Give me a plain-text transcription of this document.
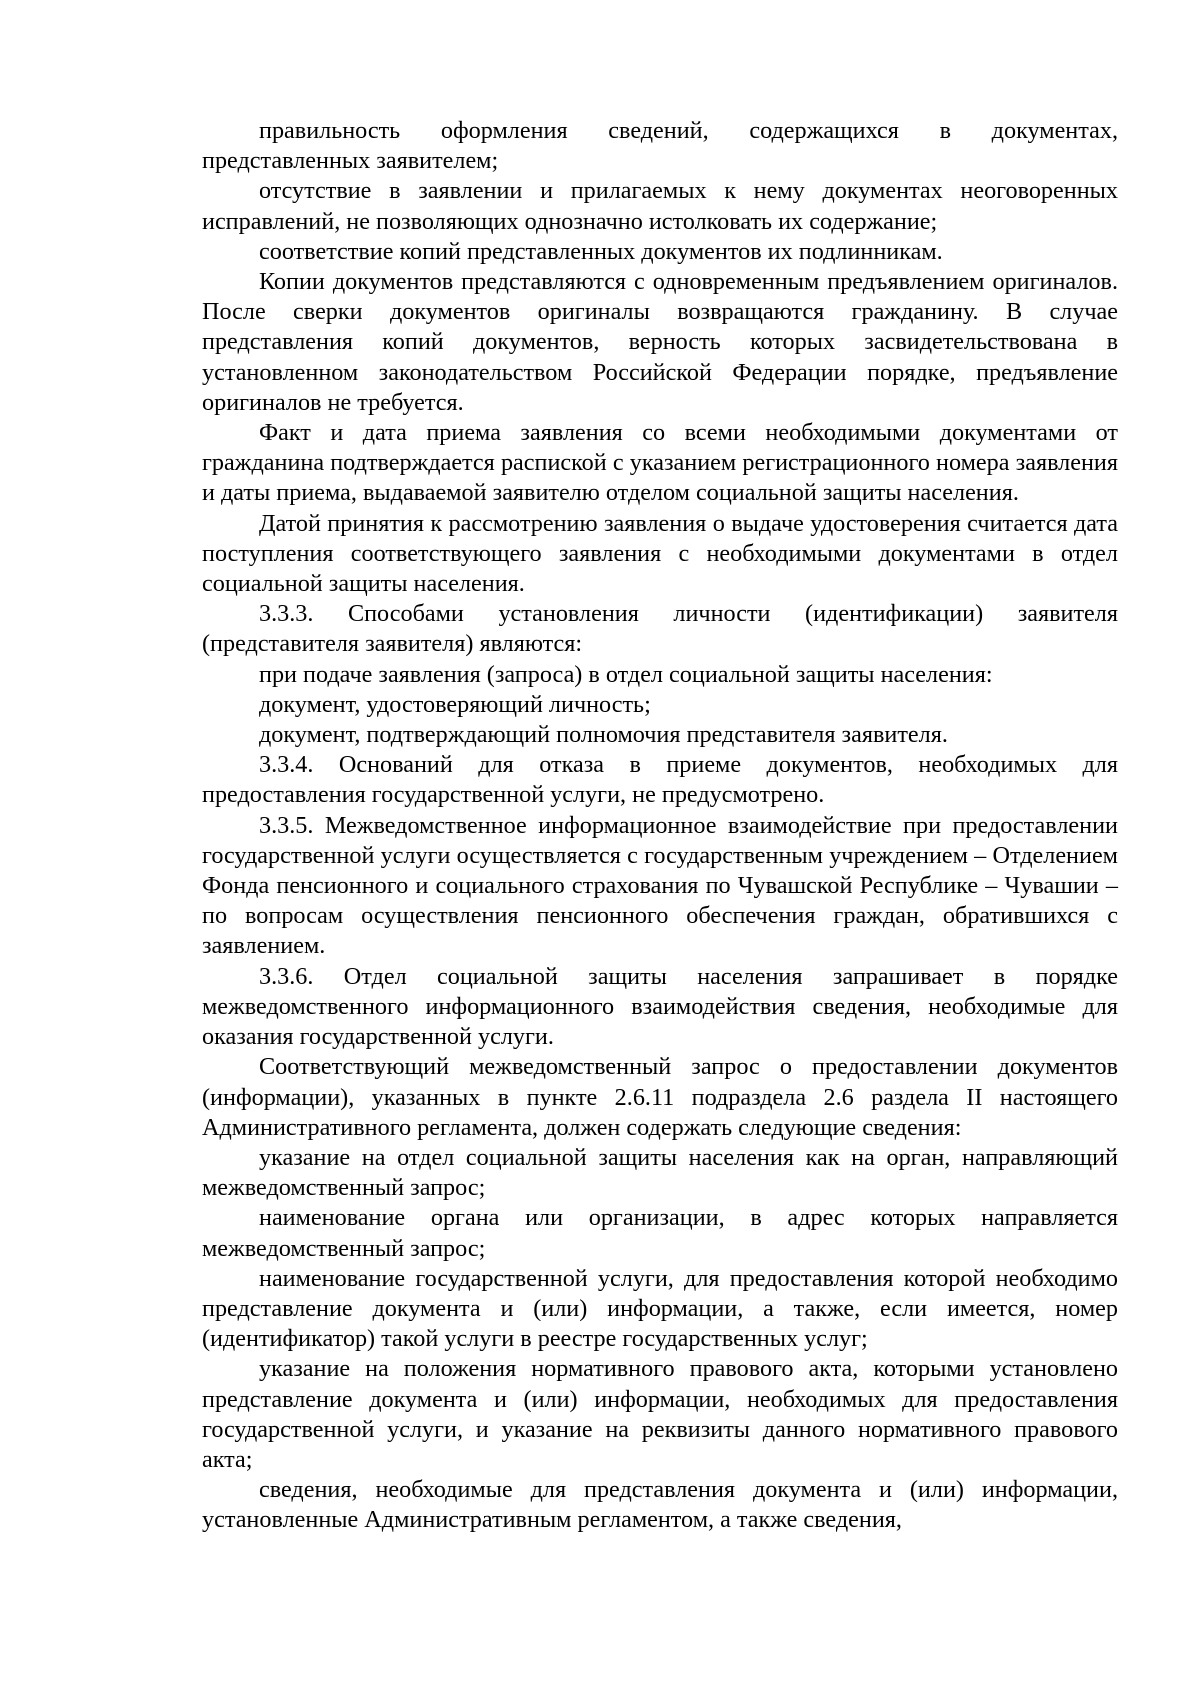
правильность оформления сведений, содержащихся в документах, представленных заявителем;

отсутствие в заявлении и прилагаемых к нему документах неоговоренных исправлений, не позволяющих однозначно истолковать их содержание;

соответствие копий представленных документов их подлинникам.

Копии документов представляются с одновременным предъявлением оригиналов. После сверки документов оригиналы возвращаются гражданину. В случае представления копий документов, верность которых засвидетельствована в установленном законодательством Российской Федерации порядке, предъявление оригиналов не требуется.

Факт и дата приема заявления со всеми необходимыми документами от гражданина подтверждается распиской с указанием регистрационного номера заявления и даты приема, выдаваемой заявителю отделом социальной защиты населения.

Датой принятия к рассмотрению заявления о выдаче удостоверения считается дата поступления соответствующего заявления с необходимыми документами в отдел социальной защиты населения.

3.3.3. Способами установления личности (идентификации) заявителя (представителя заявителя) являются:

при подаче заявления (запроса) в отдел социальной защиты населения:

документ, удостоверяющий личность;

документ, подтверждающий полномочия представителя заявителя.

3.3.4. Оснований для отказа в приеме документов, необходимых для предоставления государственной услуги, не предусмотрено.

3.3.5. Межведомственное информационное взаимодействие при предоставлении государственной услуги осуществляется с государственным учреждением – Отделением Фонда пенсионного и социального страхования по Чувашской Республике – Чувашии – по вопросам осуществления пенсионного обеспечения граждан, обратившихся с заявлением.

3.3.6. Отдел социальной защиты населения запрашивает в порядке межведомственного информационного взаимодействия сведения, необходимые для оказания государственной услуги.

Соответствующий межведомственный запрос о предоставлении документов (информации), указанных в пункте 2.6.11 подраздела 2.6 раздела II настоящего Административного регламента, должен содержать следующие сведения:

указание на отдел социальной защиты населения как на орган, направляющий межведомственный запрос;

наименование органа или организации, в адрес которых направляется межведомственный запрос;

наименование государственной услуги, для предоставления которой необходимо представление документа и (или) информации, а также, если имеется, номер (идентификатор) такой услуги в реестре государственных услуг;

указание на положения нормативного правового акта, которыми установлено представление документа и (или) информации, необходимых для предоставления государственной услуги, и указание на реквизиты данного нормативного правового акта;

сведения, необходимые для представления документа и (или) информации, установленные Административным регламентом, а также сведения,
